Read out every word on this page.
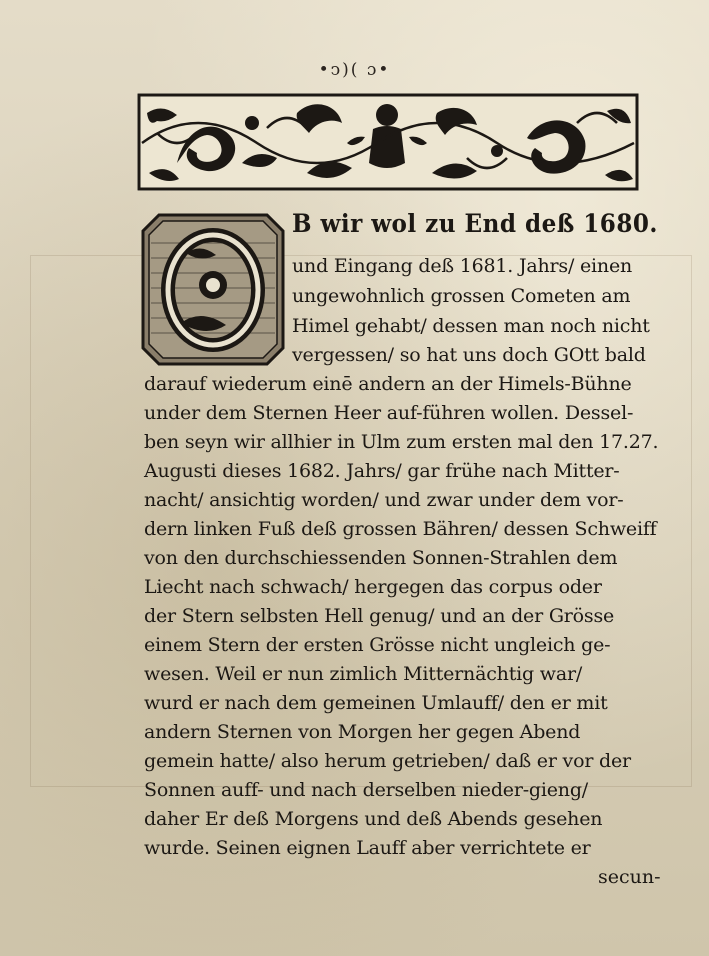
•ↄ)( ɔ•
B wir wol zu End deß 1680.
und Eingang deß 1681. Jahrs/ einen
ungewohnlich grossen Cometen am
Himel gehabt/ dessen man noch nicht
vergessen/ so hat uns doch GOtt bald
darauf wiederum einē andern an der Himels-Bühne
under dem Sternen Heer auf-führen wollen. Dessel-
ben seyn wir allhier in Ulm zum ersten mal den 17.27.
Augusti dieses 1682. Jahrs/ gar frühe nach Mitter-
nacht/ ansichtig worden/ und zwar under dem vor-
dern linken Fuß deß grossen Bähren/ dessen Schweiff
von den durchschiessenden Sonnen-Strahlen dem
Liecht nach schwach/ hergegen das corpus oder
der Stern selbsten Hell genug/ und an der Grösse
einem Stern der ersten Grösse nicht ungleich ge-
wesen. Weil er nun zimlich Mitternächtig war/
wurd er nach dem gemeinen Umlauff/ den er mit
andern Sternen von Morgen her gegen Abend
gemein hatte/ also herum getrieben/ daß er vor der
Sonnen auff- und nach derselben nieder-gieng/
daher Er deß Morgens und deß Abends gesehen
wurde. Seinen eignen Lauff aber verrichtete er
secun-
